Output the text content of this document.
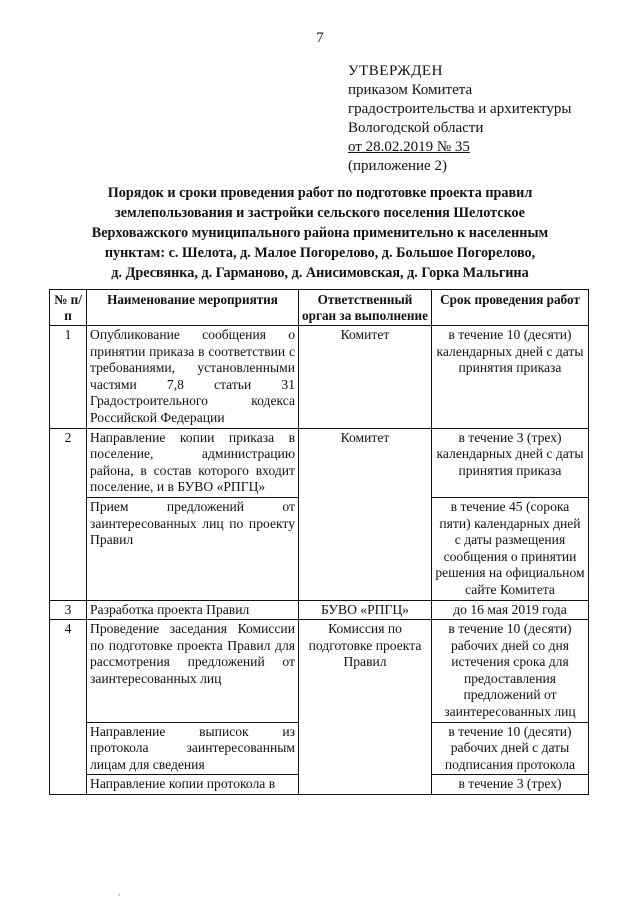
7
УТВЕРЖДЕН
приказом Комитета
градостроительства и архитектуры
Вологодской области
от 28.02.2019 № 35
(приложение 2)
Порядок и сроки проведения работ по подготовке проекта правил
землепользования и застройки сельского поселения Шелотское
Верховажского муниципального района применительно к населенным
пунктам: с. Шелота, д. Малое Погорелово, д. Большое Погорелово,
д. Дресвянка, д. Гарманово, д. Анисимовская, д. Горка Мальгина
№ п/п	Наименование мероприятия	Ответственный орган за выполнение	Срок проведения работ
1	Опубликование сообщения о принятии приказа в соответствии с требованиями, установленными частями 7,8 статьи 31 Градостроительного кодекса Российской Федерации	Комитет	в течение 10 (десяти) календарных дней с даты принятия приказа
2	Направление копии приказа в поселение, администрацию района, в состав которого входит поселение, и в БУВО «РПГЦ»	Комитет	в течение 3 (трех) календарных дней с даты принятия приказа
	Прием предложений от заинтересованных лиц по проекту Правил		в течение 45 (сорока пяти) календарных дней с даты размещения сообщения о принятии решения на официальном сайте Комитета
3	Разработка проекта Правил	БУВО «РПГЦ»	до 16 мая 2019 года
4	Проведение заседания Комиссии по подготовке проекта Правил для рассмотрения предложений от заинтересованных лиц	Комиссия по подготовке проекта Правил	в течение 10 (десяти) рабочих дней со дня истечения срока для предоставления предложений от заинтересованных лиц
	Направление выписок из протокола заинтересованным лицам для сведения		в течение 10 (десяти) рабочих дней с даты подписания протокола
	Направление копии протокола в		в течение 3 (трех)
,
